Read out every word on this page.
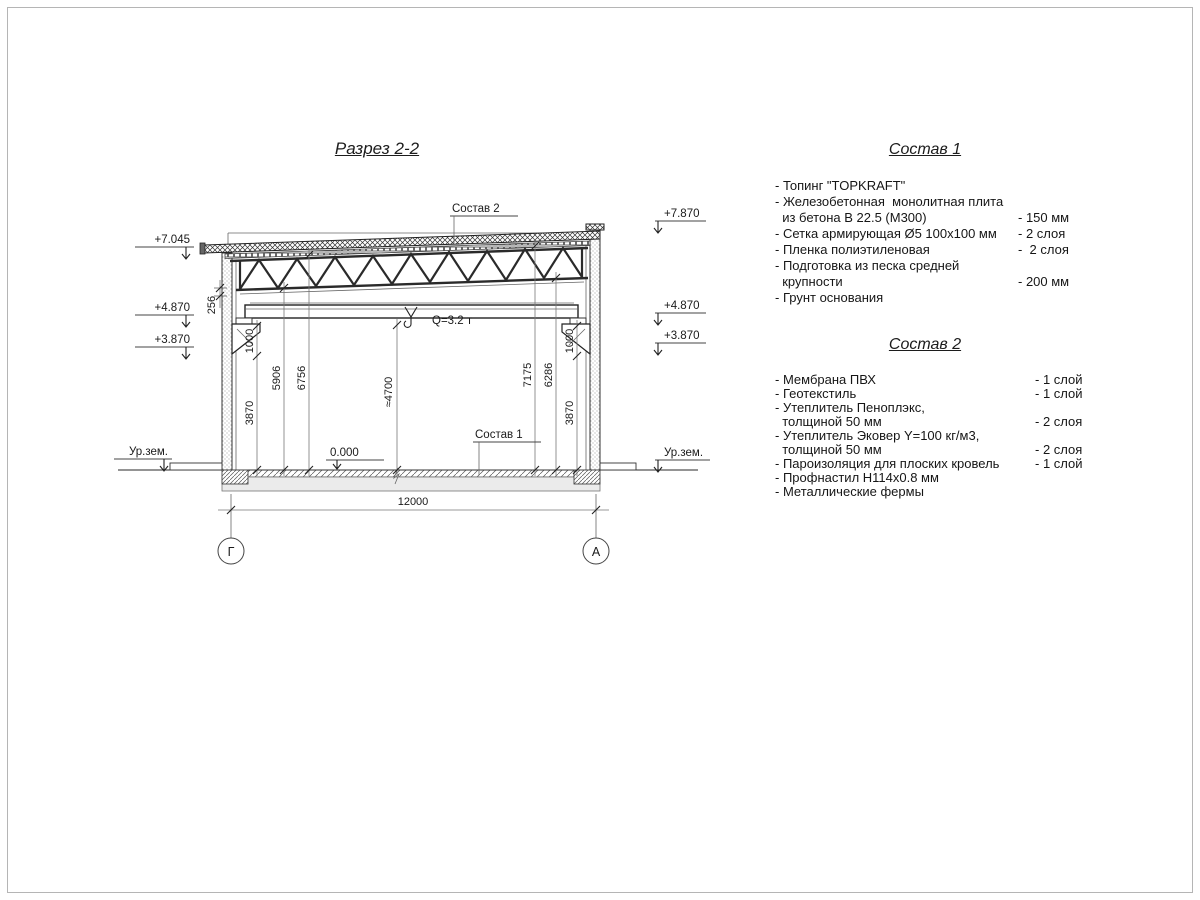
Разрез 2-2
Q=3.2 т
1000
3870
5906 6756	≈4700
7175 6286
1000
3870
256
12000
Г	А
+7.045
+4.870
+3.870
Ур.зем.
+7.870
+4.870
+3.870
Ур.зем.
0.000
Состав 2
Состав 1
Состав 1
- Топинг "TOPKRAFT"
- Железобетонная  монолитная плита
из бетона В 22.5 (М300)	- 150 мм
- Сетка армирующая Ø5 100х100 мм	- 2 слоя
- Пленка полиэтиленовая	-  2 слоя
- Подготовка из песка средней
крупности	- 200 мм
- Грунт основания
Состав 2
- Мембрана ПВХ	- 1 слой
- Геотекстиль	- 1 слой
- Утеплитель Пеноплэкс,
толщиной 50 мм	- 2 слоя
- Утеплитель Эковер Y=100 кг/м3,
толщиной 50 мм	- 2 слоя
- Пароизоляция для плоских кровель	- 1 слой
- Профнастил Н114х0.8 мм
- Металлические фермы
